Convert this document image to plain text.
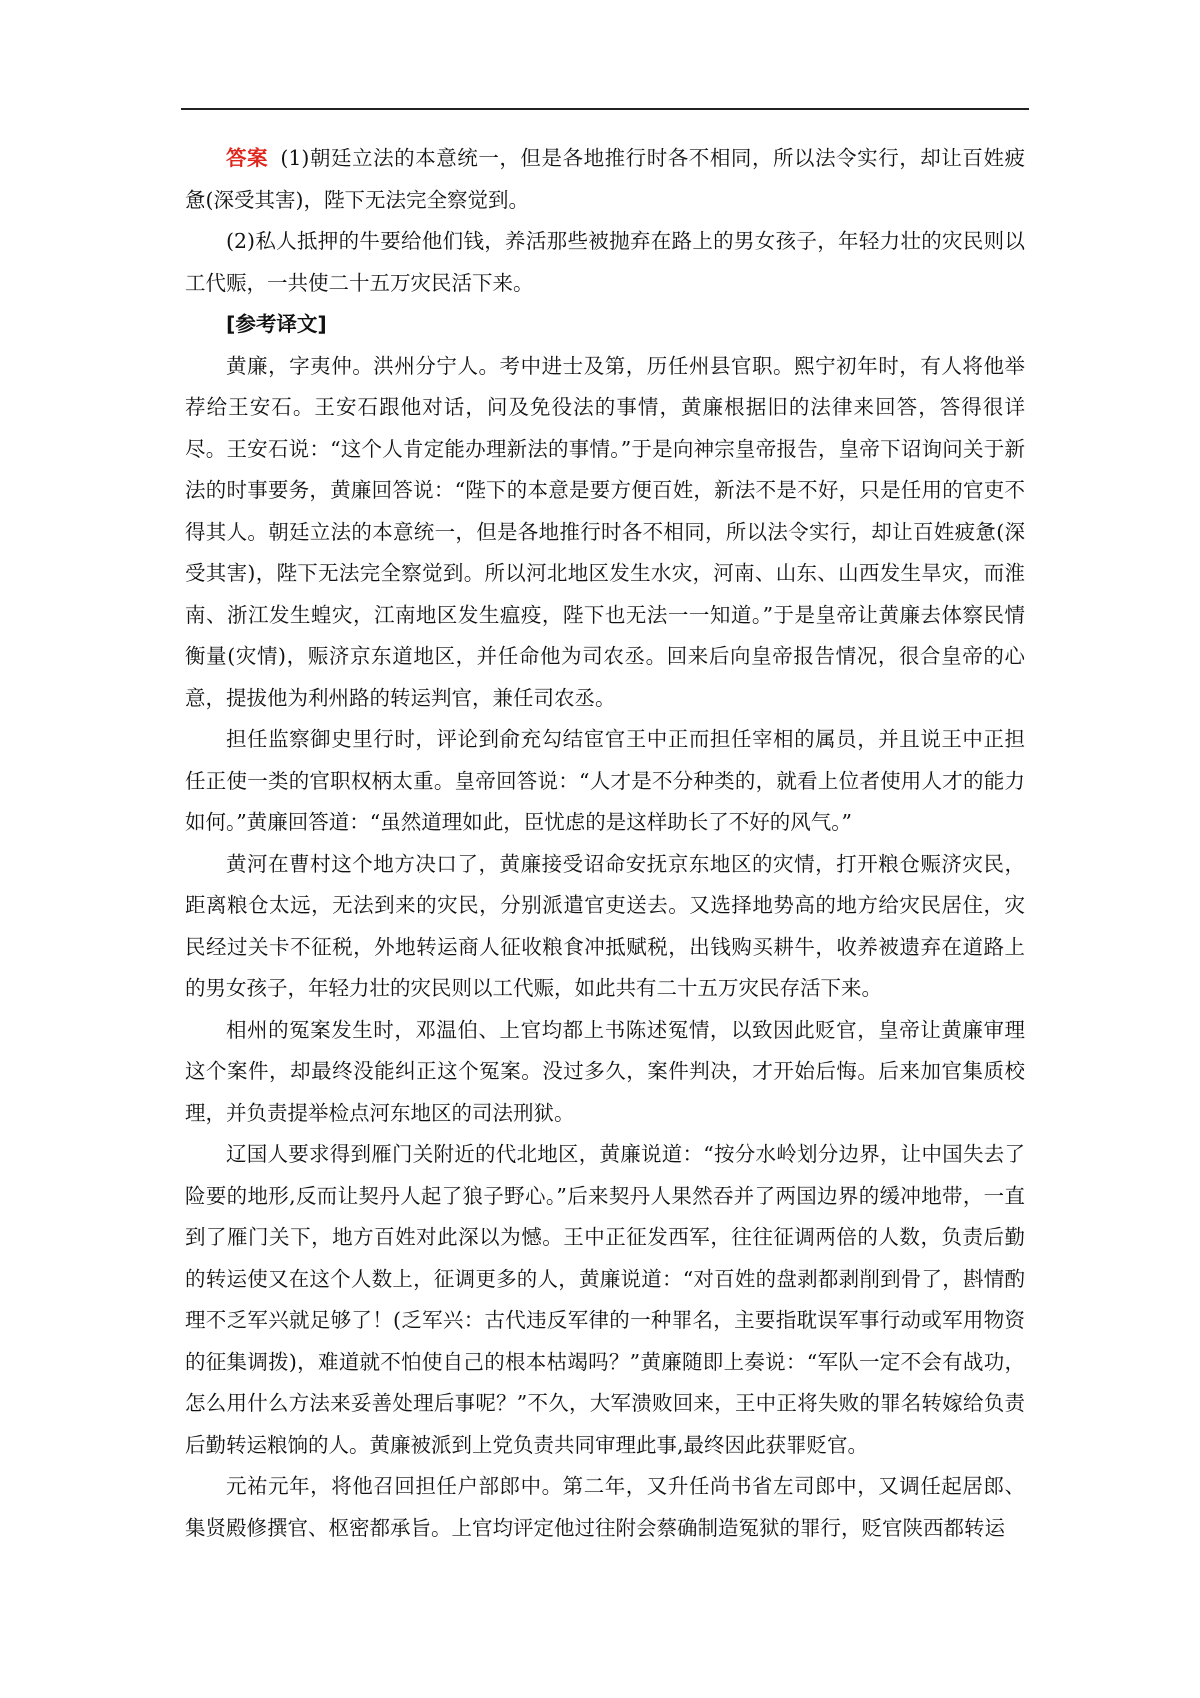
答案 (1)朝廷立法的本意统一，但是各地推行时各不相同，所以法令实行，却让百姓疲惫(深受其害)，陛下无法完全察觉到。

(2)私人抵押的牛要给他们钱，养活那些被抛弃在路上的男女孩子，年轻力壮的灾民则以工代赈，一共使二十五万灾民活下来。

[参考译文]

黄廉，字夷仲。洪州分宁人。考中进士及第，历任州县官职。熙宁初年时，有人将他举荐给王安石。王安石跟他对话，问及免役法的事情，黄廉根据旧的法律来回答，答得很详尽。王安石说：“这个人肯定能办理新法的事情。”于是向神宗皇帝报告，皇帝下诏询问关于新法的时事要务，黄廉回答说：“陛下的本意是要方便百姓，新法不是不好，只是任用的官吏不得其人。朝廷立法的本意统一，但是各地推行时各不相同，所以法令实行，却让百姓疲惫(深受其害)，陛下无法完全察觉到。所以河北地区发生水灾，河南、山东、山西发生旱灾，而淮南、浙江发生蝗灾，江南地区发生瘟疫，陛下也无法一一知道。”于是皇帝让黄廉去体察民情衡量(灾情)，赈济京东道地区，并任命他为司农丞。回来后向皇帝报告情况，很合皇帝的心意，提拔他为利州路的转运判官，兼任司农丞。

担任监察御史里行时，评论到俞充勾结宦官王中正而担任宰相的属员，并且说王中正担任正使一类的官职权柄太重。皇帝回答说：“人才是不分种类的，就看上位者使用人才的能力如何。”黄廉回答道：“虽然道理如此，臣忧虑的是这样助长了不好的风气。”

黄河在曹村这个地方决口了，黄廉接受诏命安抚京东地区的灾情，打开粮仓赈济灾民，距离粮仓太远，无法到来的灾民，分别派遣官吏送去。又选择地势高的地方给灾民居住，灾民经过关卡不征税，外地转运商人征收粮食冲抵赋税，出钱购买耕牛，收养被遗弃在道路上的男女孩子，年轻力壮的灾民则以工代赈，如此共有二十五万灾民存活下来。

相州的冤案发生时，邓温伯、上官均都上书陈述冤情，以致因此贬官，皇帝让黄廉审理这个案件，却最终没能纠正这个冤案。没过多久，案件判决，才开始后悔。后来加官集质校理，并负责提举检点河东地区的司法刑狱。

辽国人要求得到雁门关附近的代北地区，黄廉说道：“按分水岭划分边界，让中国失去了险要的地形,反而让契丹人起了狼子野心。”后来契丹人果然吞并了两国边界的缓冲地带，一直到了雁门关下，地方百姓对此深以为憾。王中正征发西军，往往征调两倍的人数，负责后勤的转运使又在这个人数上，征调更多的人，黄廉说道：“对百姓的盘剥都剥削到骨了，斟情酌理不乏军兴就足够了！(乏军兴：古代违反军律的一种罪名，主要指耽误军事行动或军用物资的征集调拨)，难道就不怕使自己的根本枯竭吗？”黄廉随即上奏说：“军队一定不会有战功，怎么用什么方法来妥善处理后事呢？”不久，大军溃败回来，王中正将失败的罪名转嫁给负责后勤转运粮饷的人。黄廉被派到上党负责共同审理此事,最终因此获罪贬官。

元祐元年，将他召回担任户部郎中。第二年，又升任尚书省左司郎中，又调任起居郎、集贤殿修撰官、枢密都承旨。上官均评定他过往附会蔡确制造冤狱的罪行，贬官陕西都转运
